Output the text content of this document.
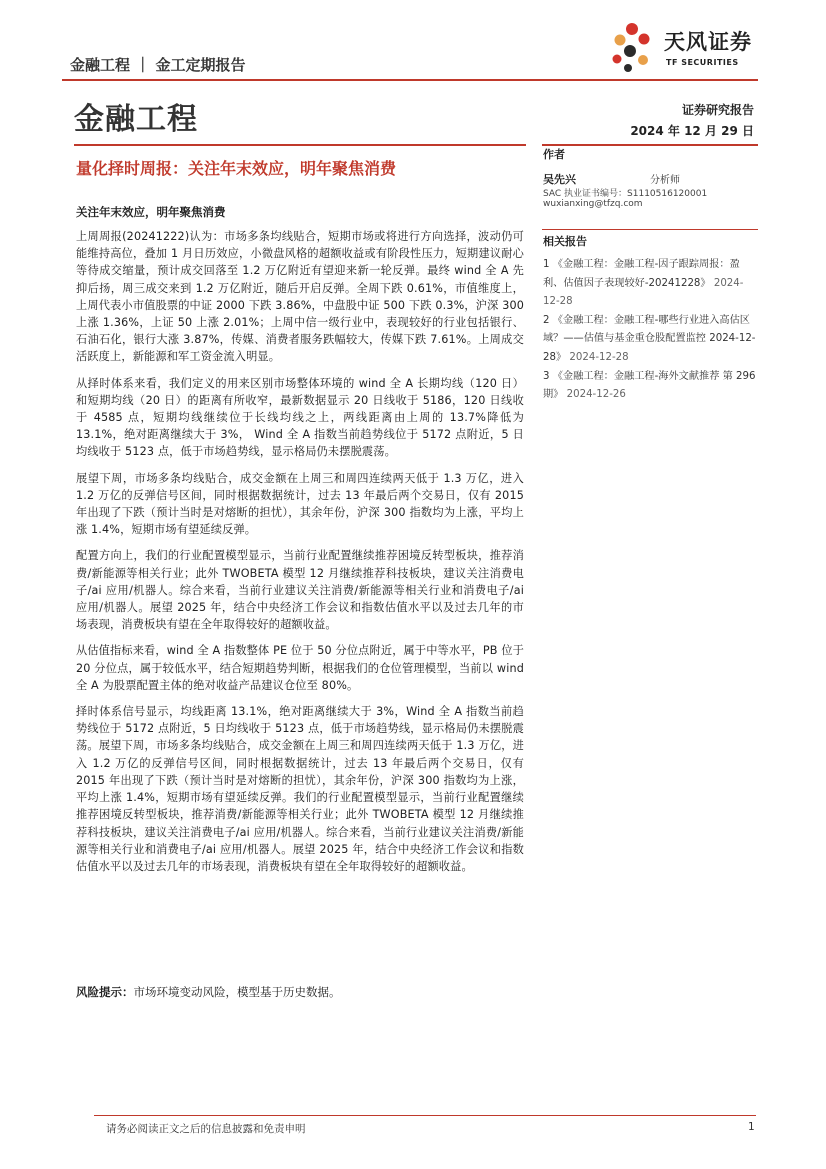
金融工程 ｜ 金工定期报告
天风证券
TF SECURITIES
金融工程	证券研究报告
2024 年 12 月 29 日
量化择时周报：关注年末效应，明年聚焦消费
关注年末效应，明年聚焦消费

上周周报(20241222)认为：市场多条均线贴合，短期市场或将进行方向选择，波动仍可能维持高位，叠加 1 月日历效应，小微盘风格的超额收益或有阶段性压力，短期建议耐心等待成交缩量，预计成交回落至 1.2 万亿附近有望迎来新一轮反弹。最终 wind 全 A 先抑后扬，周三成交来到 1.2 万亿附近，随后开启反弹。全周下跌 0.61%，市值维度上，上周代表小市值股票的中证 2000 下跌 3.86%，中盘股中证 500 下跌 0.3%，沪深 300 上涨 1.36%，上证 50 上涨 2.01%；上周中信一级行业中，表现较好的行业包括银行、石油石化，银行大涨 3.87%，传媒、消费者服务跌幅较大，传媒下跌 7.61%。上周成交活跃度上，新能源和军工资金流入明显。

从择时体系来看，我们定义的用来区别市场整体环境的 wind 全 A 长期均线（120 日）和短期均线（20 日）的距离有所收窄，最新数据显示 20 日线收于 5186，120 日线收于 4585 点，短期均线继续位于长线均线之上，两线距离由上周的 13.7%降低为 13.1%，绝对距离继续大于 3%， Wind 全 A 指数当前趋势线位于 5172 点附近，5 日均线收于 5123 点，低于市场趋势线，显示格局仍未摆脱震荡。

展望下周，市场多条均线贴合，成交金额在上周三和周四连续两天低于 1.3 万亿，进入 1.2 万亿的反弹信号区间，同时根据数据统计，过去 13 年最后两个交易日，仅有 2015 年出现了下跌（预计当时是对熔断的担忧），其余年份，沪深 300 指数均为上涨，平均上涨 1.4%，短期市场有望延续反弹。

配置方向上，我们的行业配置模型显示，当前行业配置继续推荐困境反转型板块，推荐消费/新能源等相关行业；此外 TWOBETA 模型 12 月继续推荐科技板块，建议关注消费电子/ai 应用/机器人。综合来看，当前行业建议关注消费/新能源等相关行业和消费电子/ai 应用/机器人。展望 2025 年，结合中央经济工作会议和指数估值水平以及过去几年的市场表现，消费板块有望在全年取得较好的超额收益。

从估值指标来看，wind 全 A 指数整体 PE 位于 50 分位点附近，属于中等水平，PB 位于 20 分位点，属于较低水平，结合短期趋势判断，根据我们的仓位管理模型，当前以 wind 全 A 为股票配置主体的绝对收益产品建议仓位至 80%。

择时体系信号显示，均线距离 13.1%，绝对距离继续大于 3%，Wind 全 A 指数当前趋势线位于 5172 点附近，5 日均线收于 5123 点，低于市场趋势线，显示格局仍未摆脱震荡。展望下周，市场多条均线贴合，成交金额在上周三和周四连续两天低于 1.3 万亿，进入 1.2 万亿的反弹信号区间，同时根据数据统计，过去 13 年最后两个交易日，仅有 2015 年出现了下跌（预计当时是对熔断的担忧），其余年份，沪深 300 指数均为上涨，平均上涨 1.4%，短期市场有望延续反弹。我们的行业配置模型显示，当前行业配置继续推荐困境反转型板块，推荐消费/新能源等相关行业；此外 TWOBETA 模型 12 月继续推荐科技板块，建议关注消费电子/ai 应用/机器人。综合来看，当前行业建议关注消费/新能源等相关行业和消费电子/ai 应用/机器人。展望 2025 年，结合中央经济工作会议和指数估值水平以及过去几年的市场表现，消费板块有望在全年取得较好的超额收益。

风险提示：市场环境变动风险，模型基于历史数据。
作者
吴先兴	分析师
SAC 执业证书编号：S1110516120001
wuxianxing@tfzq.com
相关报告

1 《金融工程：金融工程-因子跟踪周报：盈利、估值因子表现较好-20241228》 2024-12-28

2 《金融工程：金融工程-哪些行业进入高估区域？——估值与基金重仓股配置监控 2024-12-28》 2024-12-28

3 《金融工程：金融工程-海外文献推荐 第 296 期》 2024-12-26

请务必阅读正文之后的信息披露和免责申明	1
